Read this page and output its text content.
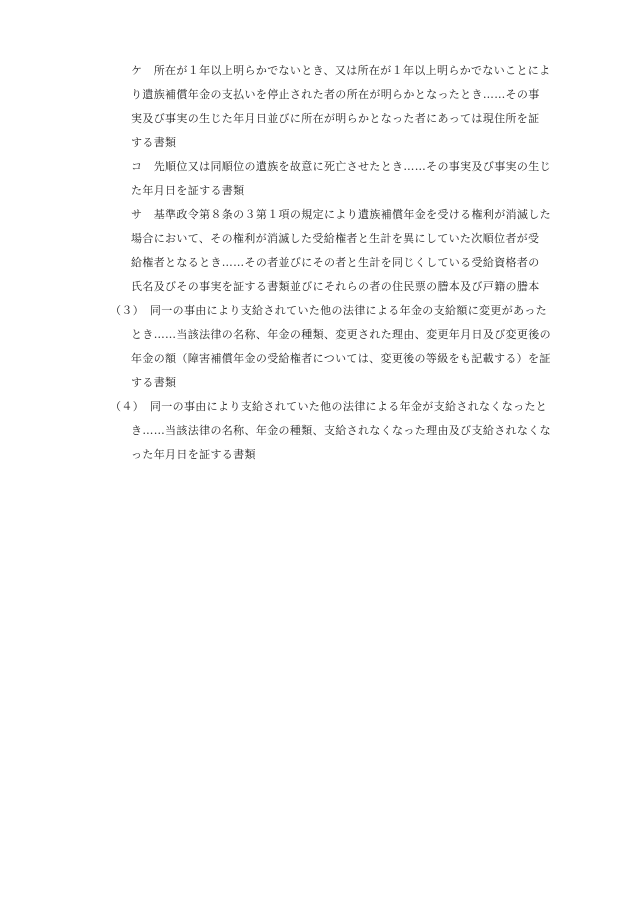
ケ　所在が１年以上明らかでないとき、又は所在が１年以上明らかでないことによ
り遺族補償年金の支払いを停止された者の所在が明らかとなったとき……その事
実及び事実の生じた年月日並びに所在が明らかとなった者にあっては現住所を証
する書類
コ　先順位又は同順位の遺族を故意に死亡させたとき……その事実及び事実の生じ
た年月日を証する書類
サ　基準政令第８条の３第１項の規定により遺族補償年金を受ける権利が消滅した
場合において、その権利が消滅した受給権者と生計を異にしていた次順位者が受
給権者となるとき……その者並びにその者と生計を同じくしている受給資格者の
氏名及びその事実を証する書類並びにそれらの者の住民票の謄本及び戸籍の謄本
（３）　同一の事由により支給されていた他の法律による年金の支給額に変更があった
とき……当該法律の名称、年金の種類、変更された理由、変更年月日及び変更後の
年金の額（障害補償年金の受給権者については、変更後の等級をも記載する）を証
する書類
（４）　同一の事由により支給されていた他の法律による年金が支給されなくなったと
き……当該法律の名称、年金の種類、支給されなくなった理由及び支給されなくな
った年月日を証する書類
